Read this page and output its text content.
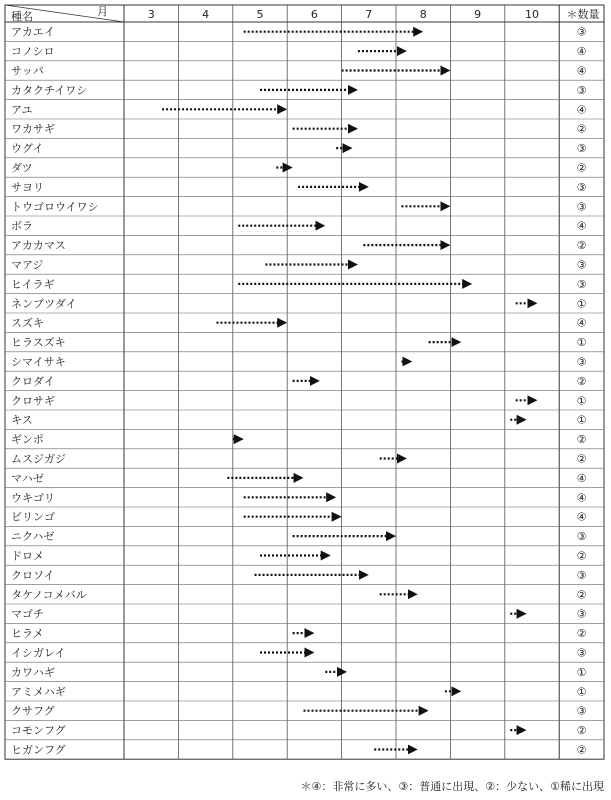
種名	月	3	4	5	6	7	8	9	10	＊数量
アカエイ	③
コノシロ	④
サッパ	④
カタクチイワシ	③
アユ	④
ワカサギ	②
ウグイ	③
ダツ	②
サヨリ	③
トウゴロウイワシ	③
ボラ	④
アカカマス	②
マアジ	③
ヒイラギ	③
ネンブツダイ	①
スズキ	④
ヒラスズキ	①
シマイサキ	③
クロダイ	②
クロサギ	①
キス	①
ギンポ	②
ムスジガジ	②
マハゼ	④
ウキゴリ	④
ビリンゴ	④
ニクハゼ	③
ドロメ	②
クロソイ	③
タケノコメバル	②
マゴチ	③
ヒラメ	②
イシガレイ	③
カワハギ	①
アミメハギ	①
クサフグ	③
コモンフグ	②
ヒガンフグ	②
＊④：非常に多い、③：普通に出現、②：少ない、①稀に出現
